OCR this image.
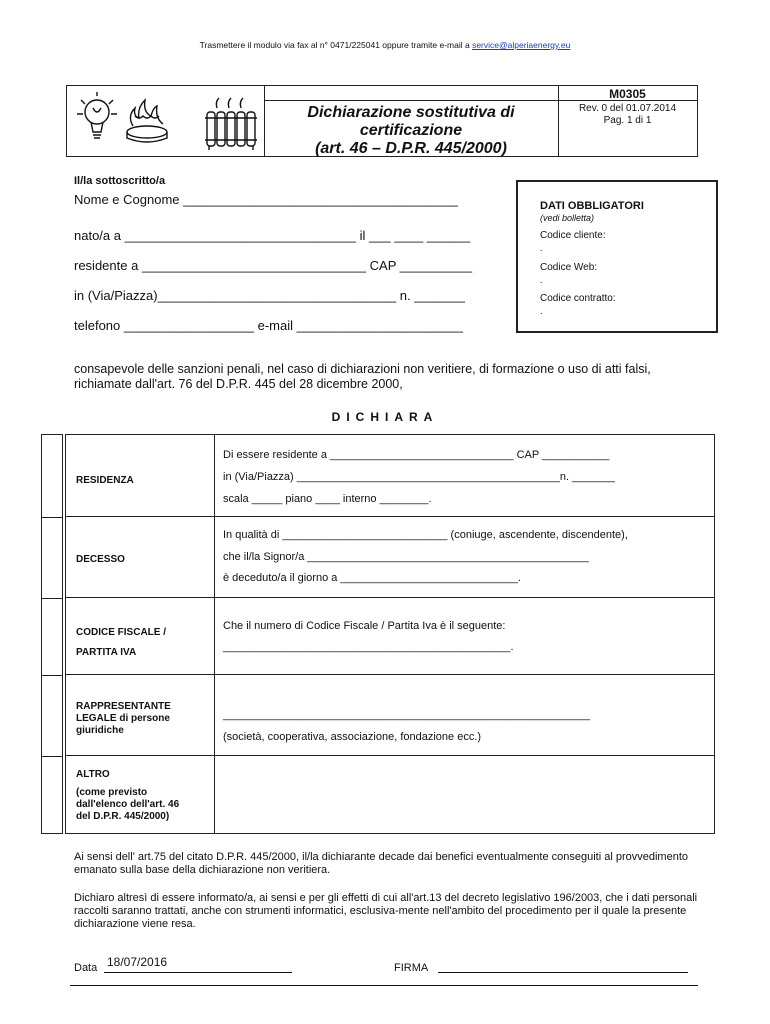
Trasmettere il modulo via fax al n° 0471/225041 oppure tramite e-mail a service@alperiaenergy.eu
Dichiarazione sostitutiva di
certificazione
(art. 46 – D.P.R. 445/2000)
M0305
Rev. 0 del 01.07.2014
Pag. 1 di 1
Il/la sottoscritto/a
Nome e Cognome ______________________________________
nato/a a ________________________________ il ___ ____ ______
residente a _______________________________ CAP __________
in (Via/Piazza)_________________________________ n. _______
telefono __________________ e-mail _______________________
DATI OBBLIGATORI
(vedi bolletta)
Codice cliente:
.
Codice Web:
.
Codice contratto:
.
consapevole delle sanzioni penali, nel caso di dichiarazioni non veritiere, di formazione o uso di atti falsi, richiamate dall'art. 76 del D.P.R. 445 del 28 dicembre 2000,
DICHIARA
RESIDENZA
Di essere residente a ______________________________ CAP ___________
in (Via/Piazza) ___________________________________________n. _______
scala _____ piano ____ interno ________.
DECESSO
In qualità di ___________________________ (coniuge, ascendente, discendente),
che il/la Signor/a ______________________________________________
è deceduto/a il giorno a _____________________________.
CODICE FISCALE /
PARTITA IVA
Che il numero di Codice Fiscale / Partita Iva è il seguente:
_______________________________________________.
RAPPRESENTANTE
LEGALE di persone
giuridiche
____________________________________________________________
(società, cooperativa, associazione, fondazione ecc.)
ALTRO
(come previsto
dall'elenco dell'art. 46
del D.P.R. 445/2000)
Ai sensi dell' art.75 del citato D.P.R. 445/2000, il/la dichiarante decade dai benefici eventualmente conseguiti al provvedimento emanato sulla base della dichiarazione non veritiera.
Dichiaro altresì di essere informato/a, ai sensi e per gli effetti di cui all'art.13 del decreto legislativo 196/2003, che i dati personali raccolti saranno trattati, anche con strumenti informatici, esclusiva-mente nell'ambito del procedimento per il quale la presente dichiarazione viene resa.
Data 18/07/2016	FIRMA
